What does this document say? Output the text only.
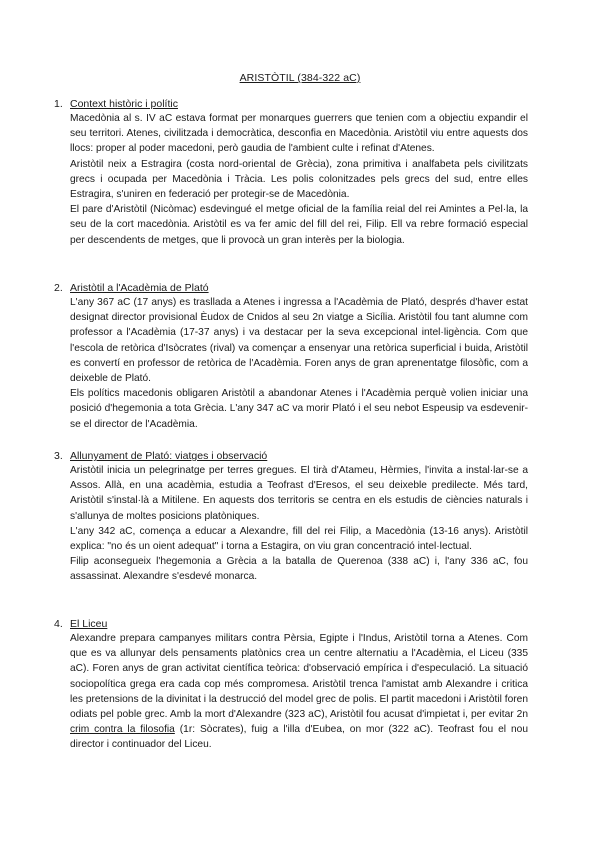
ARISTÒTIL (384-322 aC)
1. Context històric i polític

Macedònia al s. IV aC estava format per monarques guerrers que tenien com a objectiu expandir el seu territori. Atenes, civilitzada i democràtica, desconfia en Macedònia. Aristòtil viu entre aquests dos llocs: proper al poder macedoni, però gaudia de l'ambient culte i refinat d'Atenes.

Aristòtil neix a Estragira (costa nord-oriental de Grècia), zona primitiva i analfabeta pels civilitzats grecs i ocupada per Macedònia i Tràcia. Les polis colonitzades pels grecs del sud, entre elles Estragira, s'uniren en federació per protegir-se de Macedònia.

El pare d'Aristòtil (Nicòmac) esdevingué el metge oficial de la família reial del rei Amintes a Pel·la, la seu de la cort macedònia. Aristòtil es va fer amic del fill del rei, Filip. Ell va rebre formació especial per descendents de metges, que li provocà un gran interès per la biologia.

2. Aristòtil a l'Acadèmia de Plató

L'any 367 aC (17 anys) es trasllada a Atenes i ingressa a l'Acadèmia de Plató, després d'haver estat designat director provisional Èudox de Cnidos al seu 2n viatge a Sicília. Aristòtil fou tant alumne com professor a l'Acadèmia (17-37 anys) i va destacar per la seva excepcional intel·ligència. Com que l'escola de retòrica d'Isòcrates (rival) va començar a ensenyar una retòrica superficial i buida, Aristòtil es convertí en professor de retòrica de l'Acadèmia. Foren anys de gran aprenentatge filosòfic, com a deixeble de Plató.

Els polítics macedonis obligaren Aristòtil a abandonar Atenes i l'Acadèmia perquè volien iniciar una posició d'hegemonia a tota Grècia. L'any 347 aC va morir Plató i el seu nebot Espeusip va esdevenir-se el director de l'Acadèmia.

3. Allunyament de Plató: viatges i observació

Aristòtil inicia un pelegrinatge per terres gregues. El tirà d'Atameu, Hèrmies, l'invita a instal·lar-se a Assos. Allà, en una acadèmia, estudia a Teofrast d'Eresos, el seu deixeble predilecte. Més tard, Aristòtil s'instal·là a Mitilene. En aquests dos territoris se centra en els estudis de ciències naturals i s'allunya de moltes posicions platòniques.

L'any 342 aC, comença a educar a Alexandre, fill del rei Filip, a Macedònia (13-16 anys). Aristòtil explica: "no és un oient adequat" i torna a Estagira, on viu gran concentració intel·lectual.

Filip aconsegueix l'hegemonia a Grècia a la batalla de Querenoa (338 aC) i, l'any 336 aC, fou assassinat. Alexandre s'esdevé monarca.

4. El Liceu

Alexandre prepara campanyes militars contra Pèrsia, Egipte i l'Indus, Aristòtil torna a Atenes. Com que es va allunyar dels pensaments platònics crea un centre alternatiu a l'Acadèmia, el Liceu (335 aC). Foren anys de gran activitat científica teòrica: d'observació empírica i d'especulació. La situació sociopolítica grega era cada cop més compromesa. Aristòtil trenca l'amistat amb Alexandre i critica les pretensions de la divinitat i la destrucció del model grec de polis. El partit macedoni i Aristòtil foren odiats pel poble grec. Amb la mort d'Alexandre (323 aC), Aristòtil fou acusat d'impietat i, per evitar 2n crim contra la filosofia (1r: Sòcrates), fuig a l'illa d'Eubea, on mor (322 aC). Teofrast fou el nou director i continuador del Liceu.
